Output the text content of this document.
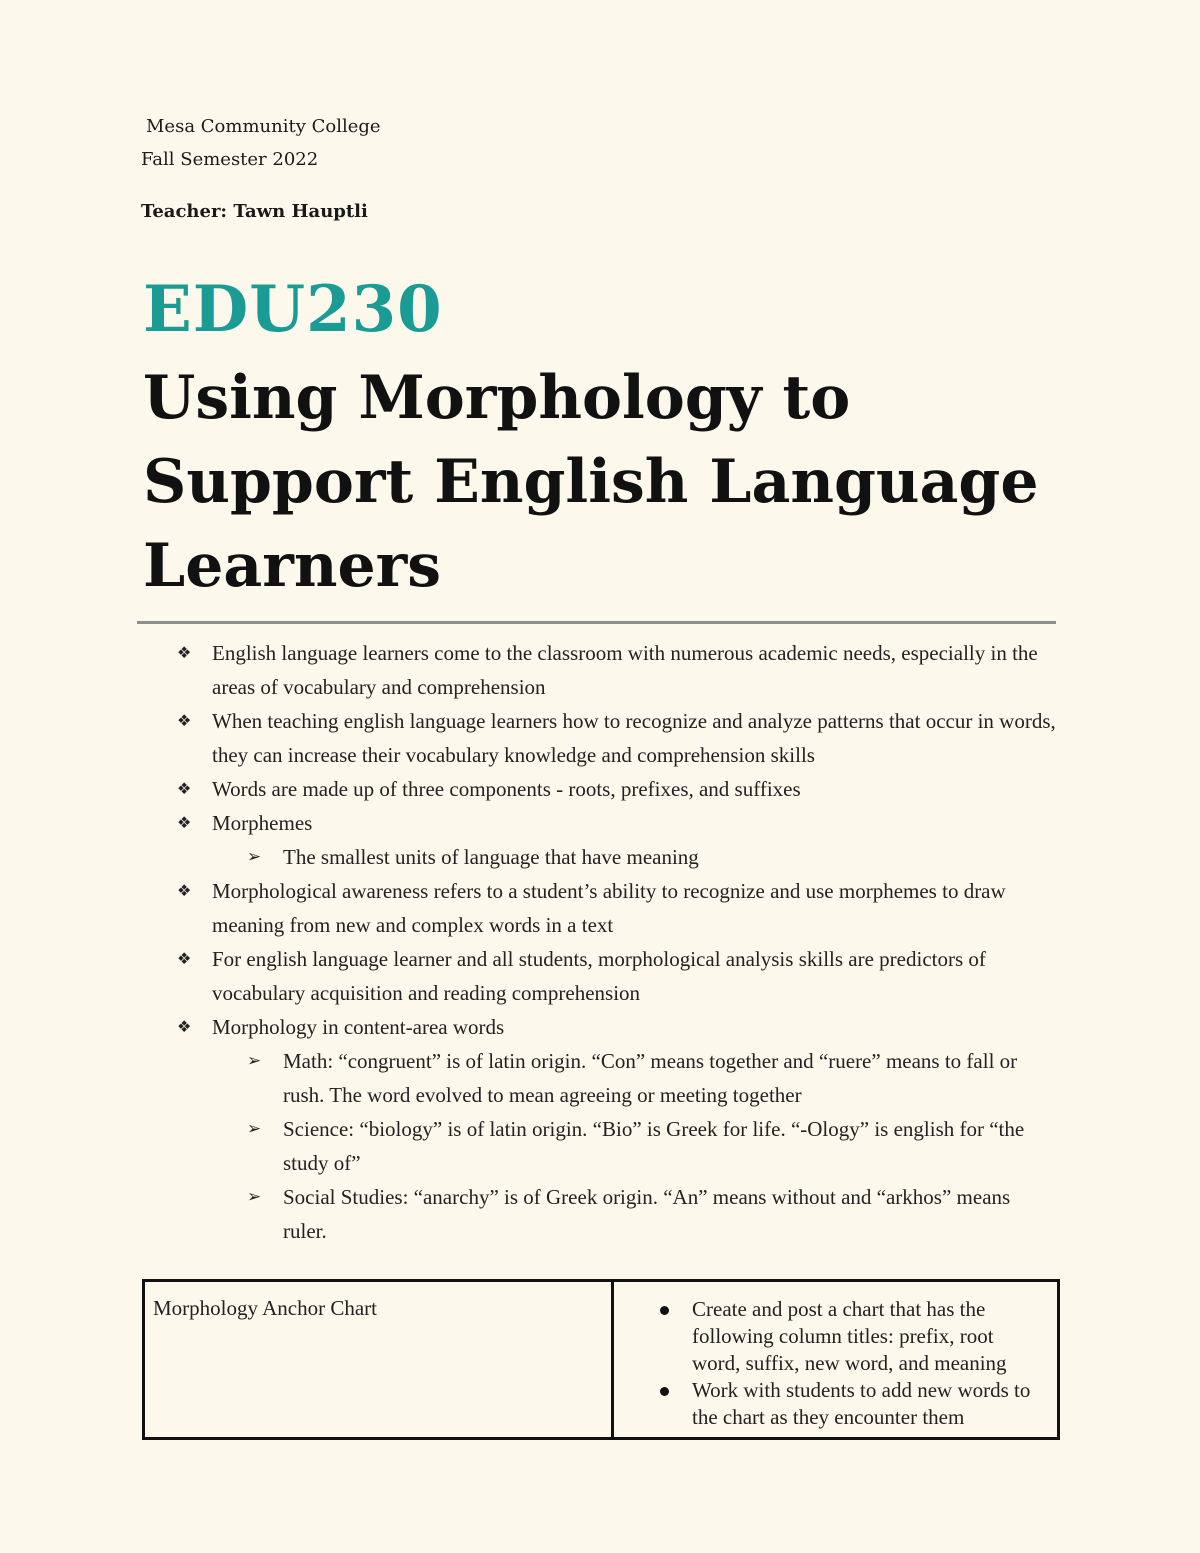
Mesa Community College
Fall Semester 2022
Teacher: Tawn Hauptli
EDU230
Using Morphology to Support English Language Learners
❖ English language learners come to the classroom with numerous academic needs, especially in the areas of vocabulary and comprehension
❖ When teaching english language learners how to recognize and analyze patterns that occur in words, they can increase their vocabulary knowledge and comprehension skills
❖ Words are made up of three components - roots, prefixes, and suffixes
❖ Morphemes
➢ The smallest units of language that have meaning
❖ Morphological awareness refers to a student’s ability to recognize and use morphemes to draw meaning from new and complex words in a text
❖ For english language learner and all students, morphological analysis skills are predictors of vocabulary acquisition and reading comprehension
❖ Morphology in content-area words
➢ Math: “congruent” is of latin origin. “Con” means together and “ruere” means to fall or rush. The word evolved to mean agreeing or meeting together
➢ Science: “biology” is of latin origin. “Bio” is Greek for life. “-Ology” is english for “the study of”
➢ Social Studies: “anarchy” is of Greek origin. “An” means without and “arkhos” means ruler.
Morphology Anchor Chart	Create and post a chart that has the following column titles: prefix, root word, suffix, new word, and meaning
Work with students to add new words to the chart as they encounter them
